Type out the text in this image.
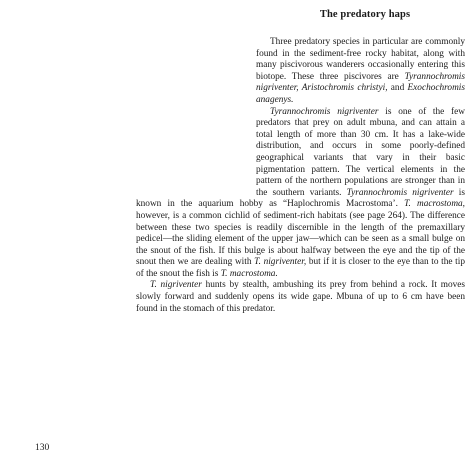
The predatory haps

Three predatory species in particular are commonly found in the sediment-free rocky habitat, along with many piscivorous wanderers occasionally entering this biotope. These three piscivores are Tyrannochromis nigriventer, Aristochromis christyi, and Exochochromis anagenys.

Tyrannochromis nigriventer is one of the few predators that prey on adult mbuna, and can attain a total length of more than 30 cm. It has a lake-wide distribution, and occurs in some poorly-defined geographical variants that vary in their basic pigmentation pattern. The vertical elements in the pattern of the northern populations are stronger than in the southern variants. Tyrannochromis nigriventer is known in the aquarium hobby as “Haplochromis Macrostoma’. T. macrostoma, however, is a common cichlid of sediment-rich habitats (see page 264). The difference between these two species is readily discernible in the length of the premaxillary pedicel—the sliding element of the upper jaw—which can be seen as a small bulge on the snout of the fish. If this bulge is about halfway between the eye and the tip of the snout then we are dealing with T. nigriventer, but if it is closer to the eye than to the tip of the snout the fish is T. macrostoma.

T. nigriventer hunts by stealth, ambushing its prey from behind a rock. It moves slowly forward and suddenly opens its wide gape. Mbuna of up to 6 cm have been found in the stomach of this predator.

130
